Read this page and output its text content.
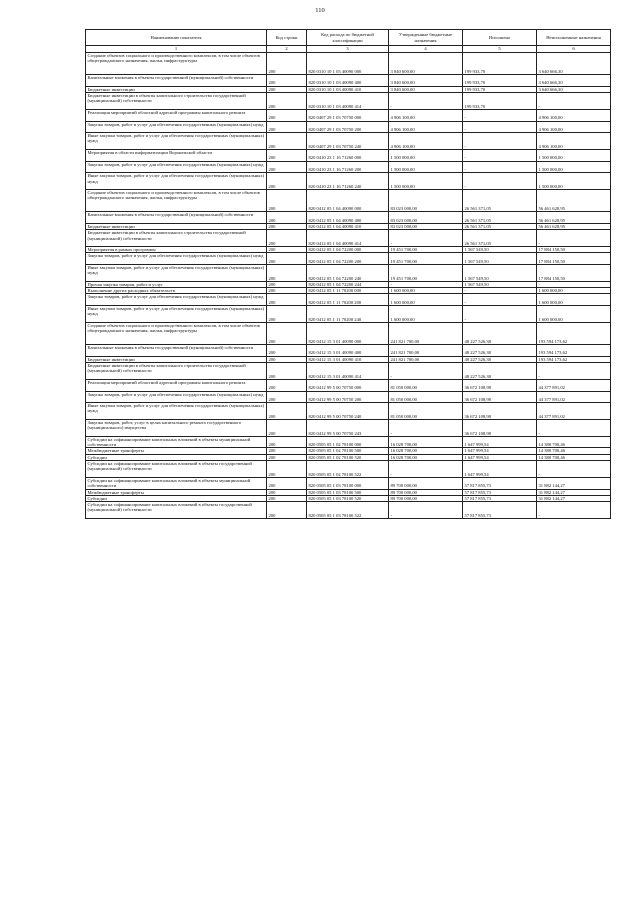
110
Наименование показателя	Код строки	Код расхода по бюджетной классификации	Утвержденные бюджетные назначения	Исполнено	Неисполненные назначения
1	2	3	4	5	6
Создание объектов социального и производственного комплексов, в том числе объектов общегражданского назначения, жилья, инфраструктуры	200	820 0310 10 1 03 40090 000	3 840 600,00	199 933,70	3 640 666,30
Капитальные вложения в объекты государственной (муниципальной) собственности	200	820 0310 10 1 03 40090 400	3 840 600,00	199 933,70	3 640 666,30
Бюджетные инвестиции	200	820 0310 10 1 03 40090 410	3 840 600,00	199 933,70	3 640 666,30
Бюджетные инвестиции в объекты капитального строительства государственной (муниципальной) собственности	200	820 0310 10 1 03 40090 414	-	199 933,70	-
Реализация мероприятий областной адресной программы капитального ремонта	200	820 0407 29 1 03 70750 000	4 906 100,00	-	4 906 100,00
Закупка товаров, работ и услуг для обеспечения государственных (муниципальных) нужд	200	820 0407 29 1 03 70750 200	4 906 100,00	-	4 906 100,00
Иные закупки товаров, работ и услуг для обеспечения государственных (муниципальных) нужд	200	820 0407 29 1 03 70750 240	4 906 100,00	-	4 906 100,00
Мероприятия в области информатизации Воронежской области	200	820 0410 23 1 16 71260 000	1 500 000,00	-	1 500 000,00
Закупка товаров, работ и услуг для обеспечения государственных (муниципальных) нужд	200	820 0410 23 1 16 71260 200	1 500 000,00	-	1 500 000,00
Иные закупки товаров, работ и услуг для обеспечения государственных (муниципальных) нужд	200	820 0410 23 1 16 71260 240	1 500 000,00	-	1 500 000,00
Создание объектов социального и производственного комплексов, в том числе объектов общегражданского назначения, жилья, инфраструктуры	200	820 0412 05 1 04 40090 000	83 023 000,00	26 561 371,05	56 461 628,95
Капитальные вложения в объекты государственной (муниципальной) собственности	200	820 0412 05 1 04 40090 400	83 023 000,00	26 561 371,05	56 461 628,95
Бюджетные инвестиции	200	820 0412 05 1 04 40090 410	83 023 000,00	26 561 371,05	56 461 628,95
Бюджетные инвестиции в объекты капитального строительства государственной (муниципальной) собственности	200	820 0412 05 1 04 40090 414	-	26 561 371,05	-
Мероприятия в рамках программы	200	820 0412 05 1 04 72200 000	19 451 700,00	1 567 549,50	17 884 150,50
Закупка товаров, работ и услуг для обеспечения государственных (муниципальных) нужд	200	820 0412 05 1 04 72200 200	19 451 700,00	1 567 549,50	17 884 150,50
Иные закупки товаров, работ и услуг для обеспечения государственных (муниципальных) нужд	200	820 0412 05 1 04 72200 240	19 451 700,00	1 567 549,50	17 884 150,50
Прочая закупка товаров, работ и услуг	200	820 0412 05 1 04 72200 244	-	1 567 549,50	-
Выполнение других расходных обязательств	200	820 0412 05 1 11 70200 000	1 600 000,00	-	1 600 000,00
Закупка товаров, работ и услуг для обеспечения государственных (муниципальных) нужд	200	820 0412 05 1 11 70200 200	1 600 000,00	-	1 600 000,00
Иные закупки товаров, работ и услуг для обеспечения государственных (муниципальных) нужд	200	820 0412 05 1 11 70200 240	1 600 000,00	-	1 600 000,00
Создание объектов социального и производственного комплексов, в том числе объектов общегражданского назначения, жилья, инфраструктуры	200	820 0412 15 3 01 40090 000	241 821 700,00	48 227 526,38	193 594 173,62
Капитальные вложения в объекты государственной (муниципальной) собственности	200	820 0412 15 3 01 40090 400	241 821 700,00	48 227 526,38	193 594 173,62
Бюджетные инвестиции	200	820 0412 15 3 01 40090 410	241 821 700,00	48 227 526,38	193 594 173,62
Бюджетные инвестиции в объекты капитального строительства государственной (муниципальной) собственности	200	820 0412 15 3 01 40090 414	-	48 227 526,38	-
Реализация мероприятий областной адресной программы капитального ремонта	200	820 0412 99 5 00 70750 000	81 050 000,00	36 672 108,98	44 377 891,02
Закупка товаров, работ и услуг для обеспечения государственных (муниципальных) нужд	200	820 0412 99 5 00 70750 200	81 050 000,00	36 672 108,98	44 377 891,02
Иные закупки товаров, работ и услуг для обеспечения государственных (муниципальных) нужд	200	820 0412 99 5 00 70750 240	81 050 000,00	36 672 108,98	44 377 891,02
Закупка товаров, работ, услуг в целях капитального ремонта государственного (муниципального) имущества	200	820 0412 99 5 00 70750 243	-	36 672 108,98	-
Субсидии на софинансирование капитальных вложений в объекты муниципальной собственности	200	820 0505 05 1 02 78100 000	16 028 700,00	1 647 999,54	14 380 700,46
Межбюджетные трансферты	200	820 0505 05 1 02 78100 500	16 028 700,00	1 647 999,54	14 380 700,46
Субсидии	200	820 0505 05 1 02 78100 520	16 028 700,00	1 647 999,54	14 380 700,46
Субсидии на софинансирование капитальных вложений в объекты государственной (муниципальной) собственности	200	820 0505 05 1 02 78100 522	-	1 647 999,54	-
Субсидии на софинансирование капитальных вложений в объекты муниципальной собственности	200	820 0505 05 1 03 78100 000	89 700 000,00	57 817 855,73	31 882 144,27
Межбюджетные трансферты	200	820 0505 05 1 03 78100 500	89 700 000,00	57 817 855,73	31 882 144,27
Субсидии	200	820 0505 05 1 03 78100 520	89 700 000,00	57 817 855,73	31 882 144,27
Субсидии на софинансирование капитальных вложений в объекты государственной (муниципальной) собственности	200	820 0505 05 1 03 78100 522	-	57 817 855,73	-
